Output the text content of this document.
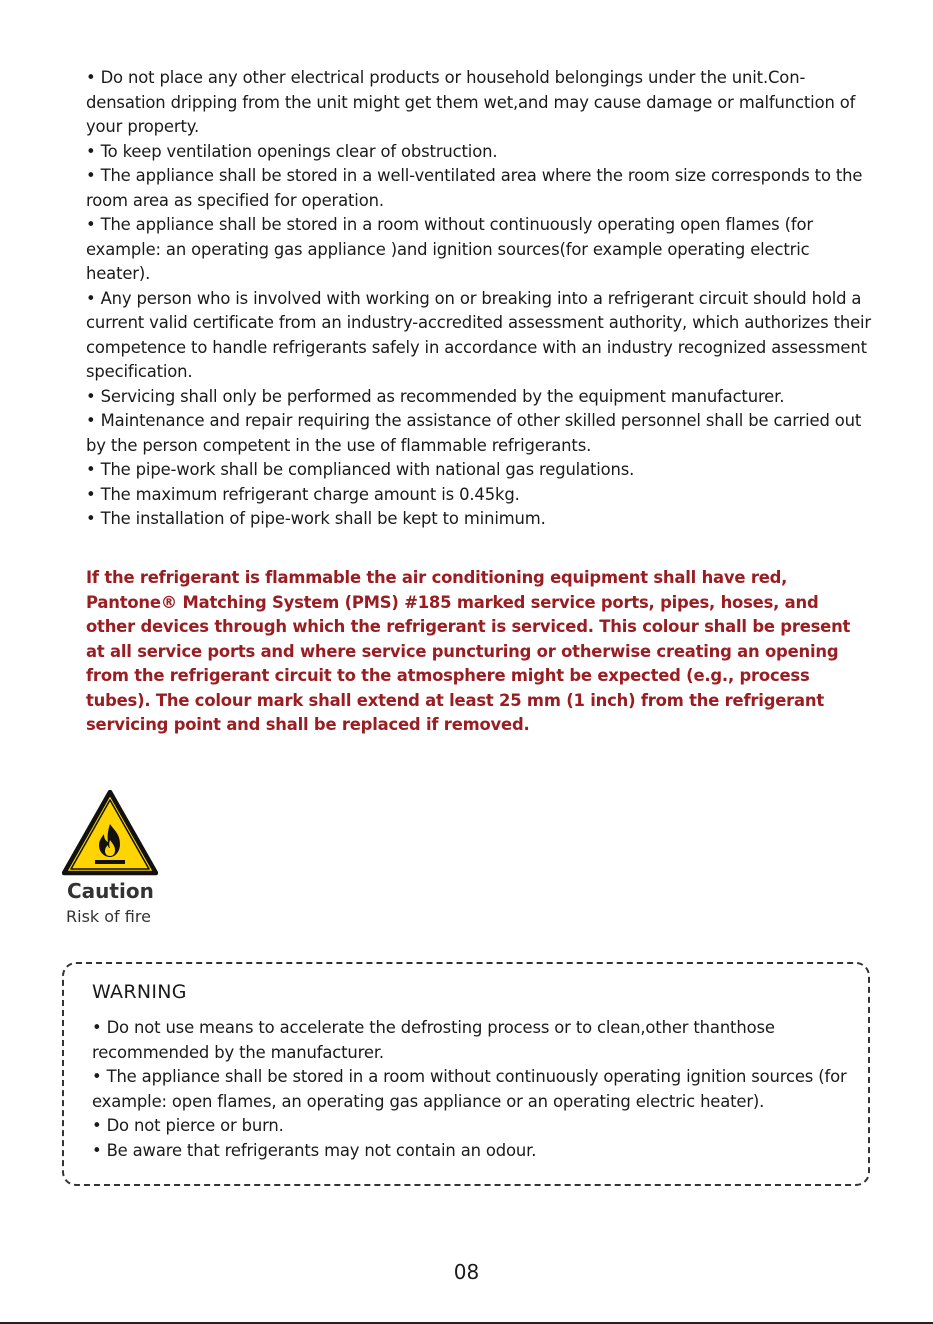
• Do not place any other electrical products or household belongings under the unit.Condensation dripping from the unit might get them wet,and may cause damage or malfunction of your property.
• To keep ventilation openings clear of obstruction.
• The appliance shall be stored in a well-ventilated area where the room size corresponds to the room area as specified for operation.
• The appliance shall be stored in a room without continuously operating open flames (for example: an operating gas appliance )and ignition sources(for example operating electric heater).
• Any person who is involved with working on or breaking into a refrigerant circuit should hold a current valid certificate from an industry-accredited assessment authority, which authorizes their competence to handle refrigerants safely in accordance with an industry recognized assessment specification.
• Servicing shall only be performed as recommended by the equipment manufacturer.
• Maintenance and repair requiring the assistance of other skilled personnel shall be carried out by the person competent in the use of flammable refrigerants.
• The pipe-work shall be complianced with national gas regulations.
• The maximum refrigerant charge amount is 0.45kg.
• The installation of pipe-work shall be kept to minimum.

If the refrigerant is flammable the air conditioning equipment shall have red, Pantone® Matching System (PMS) #185 marked service ports, pipes, hoses, and other devices through which the refrigerant is serviced. This colour shall be present at all service ports and where service puncturing or otherwise creating an opening from the refrigerant circuit to the atmosphere might be expected (e.g., process tubes). The colour mark shall extend at least 25 mm (1 inch) from the refrigerant servicing point and shall be replaced if removed.

Caution
Risk of fire
WARNING
• Do not use means to accelerate the defrosting process or to clean,other thanthose recommended by the manufacturer.
• The appliance shall be stored in a room without continuously operating ignition sources (for example: open flames, an operating gas appliance or an operating electric heater).
• Do not pierce or burn.
• Be aware that refrigerants may not contain an odour.
08
